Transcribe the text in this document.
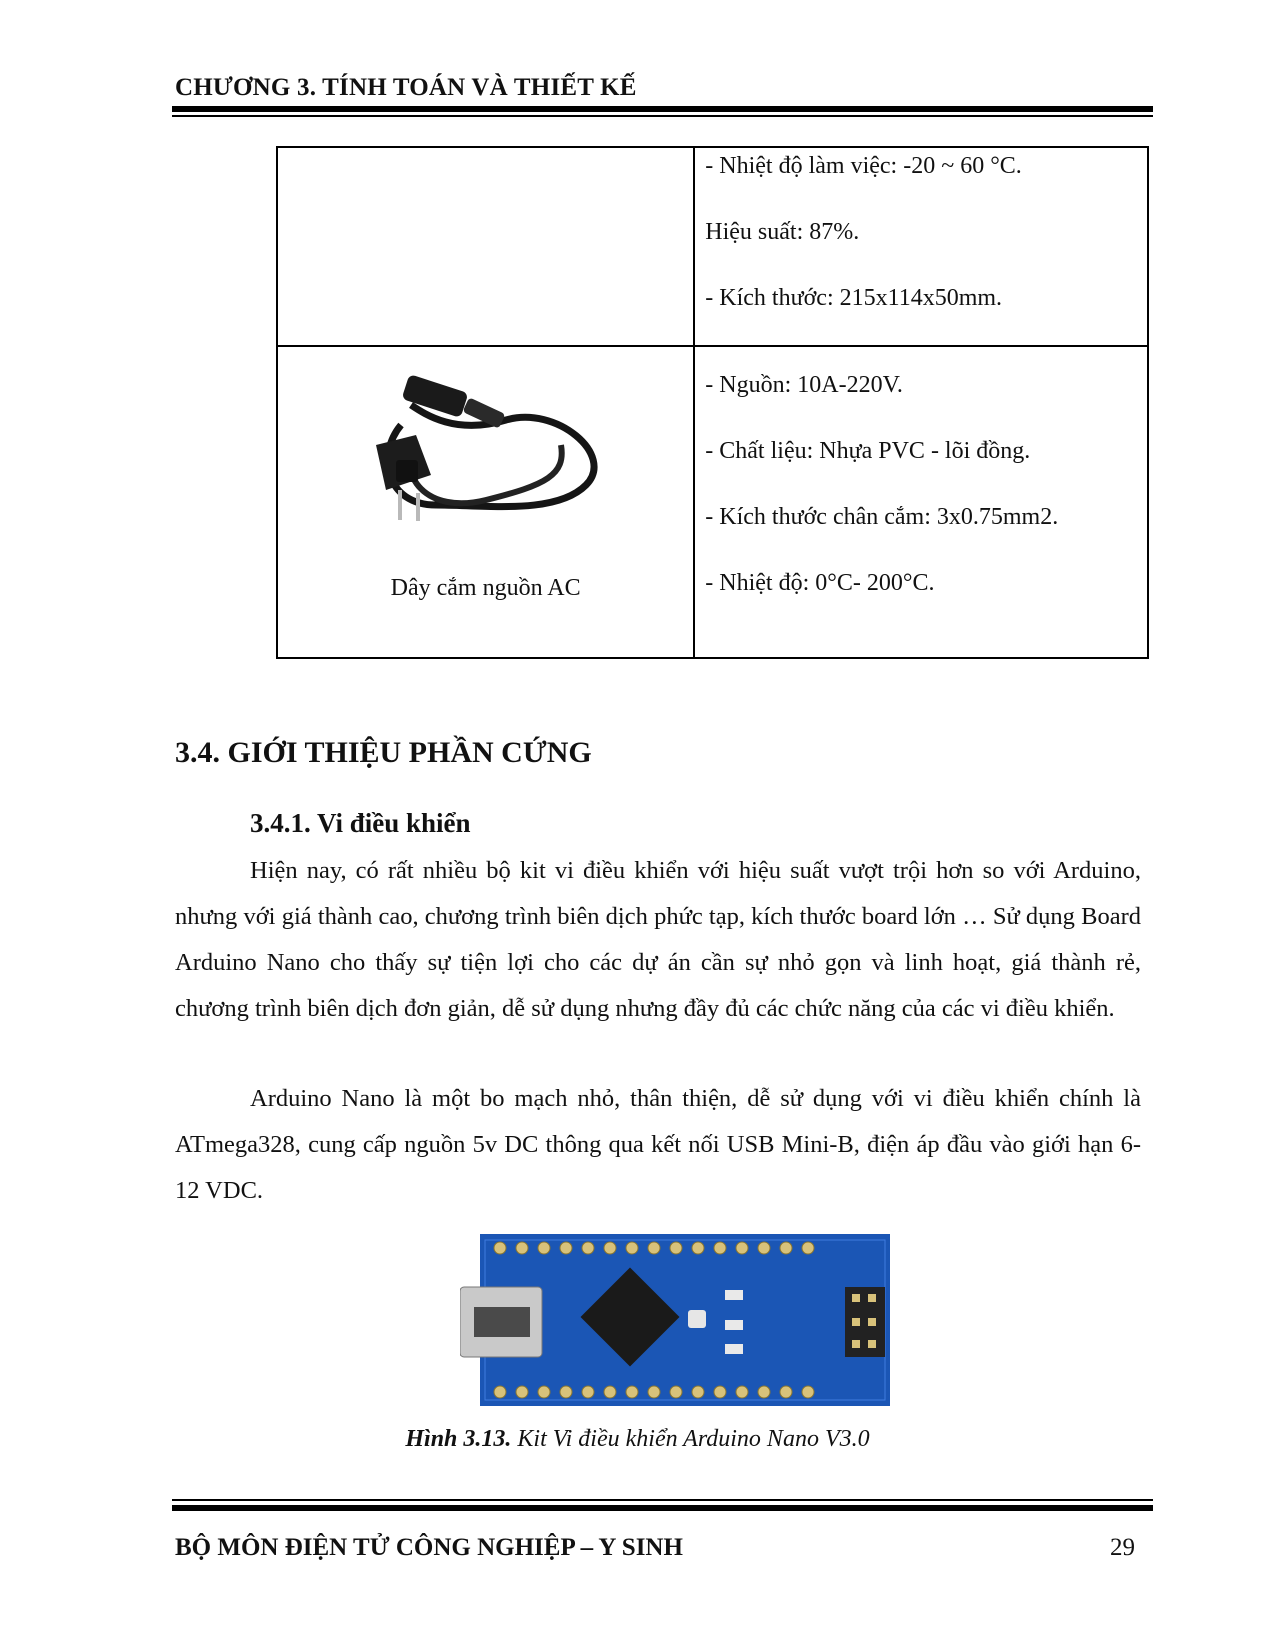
CHƯƠNG 3. TÍNH TOÁN VÀ THIẾT KẾ

	- Nhiệt độ làm việc: -20 ~ 60 °C.

Hiệu suất: 87%.

- Kích thước: 215x114x50mm.

Dây cắm nguồn AC	- Nguồn: 10A-220V.

- Chất liệu: Nhựa PVC - lõi đồng.

- Kích thước chân cắm: 3x0.75mm2.

- Nhiệt độ: 0°C- 200°C.

3.4. GIỚI THIỆU PHẦN CỨNG
3.4.1. Vi điều khiển

Hiện nay, có rất nhiều bộ kit vi điều khiển với hiệu suất vượt trội hơn so với Arduino, nhưng với giá thành cao, chương trình biên dịch phức tạp, kích thước board lớn … Sử dụng Board Arduino Nano cho thấy sự tiện lợi cho các dự án cần sự nhỏ gọn và linh hoạt, giá thành rẻ, chương trình biên dịch đơn giản, dễ sử dụng nhưng đầy đủ các chức năng của các vi điều khiển.

Arduino Nano là một bo mạch nhỏ, thân thiện, dễ sử dụng với vi điều khiển chính là ATmega328, cung cấp nguồn 5v DC thông qua kết nối USB Mini-B, điện áp đầu vào giới hạn 6-12 VDC.

Hình 3.13. Kit Vi điều khiển Arduino Nano V3.0
BỘ MÔN ĐIỆN TỬ CÔNG NGHIỆP – Y SINH	29
